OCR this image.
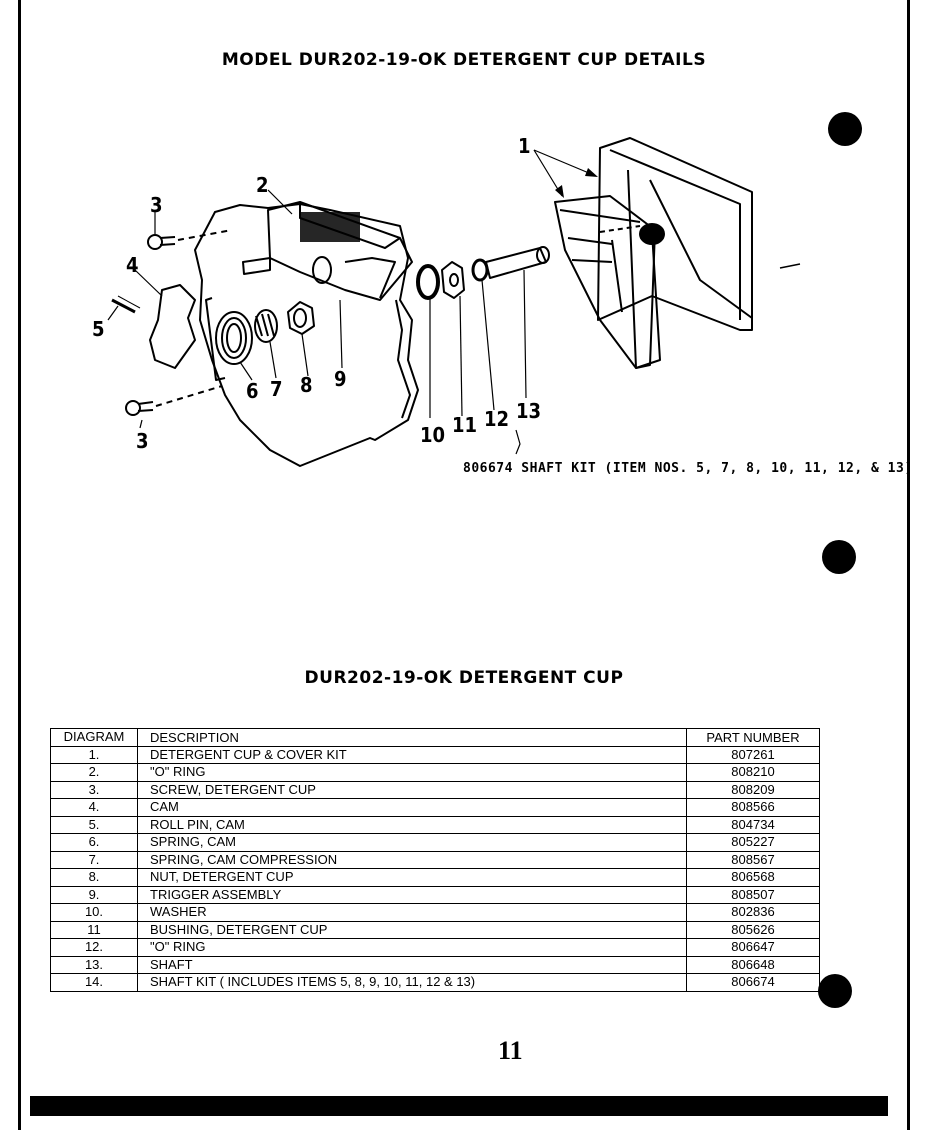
MODEL DUR202-19-OK DETERGENT CUP DETAILS
1
2
3
3
4
5
6 7 8 9
10 11 12 13
806674 SHAFT KIT (ITEM NOS. 5, 7, 8, 10, 11, 12, & 13)
DUR202-19-OK DETERGENT CUP
DIAGRAM	DESCRIPTION	PART NUMBER
1.	DETERGENT CUP & COVER KIT	807261
2.	"O" RING	808210
3.	SCREW, DETERGENT CUP	808209
4.	CAM	808566
5.	ROLL PIN, CAM	804734
6.	SPRING, CAM	805227
7.	SPRING, CAM COMPRESSION	808567
8.	NUT, DETERGENT CUP	806568
9.	TRIGGER ASSEMBLY	808507
10.	WASHER	802836
11	BUSHING, DETERGENT CUP	805626
12.	"O" RING	806647
13.	SHAFT	806648
14.	SHAFT KIT ( INCLUDES ITEMS 5, 8, 9, 10, 11, 12 & 13)	806674
11
